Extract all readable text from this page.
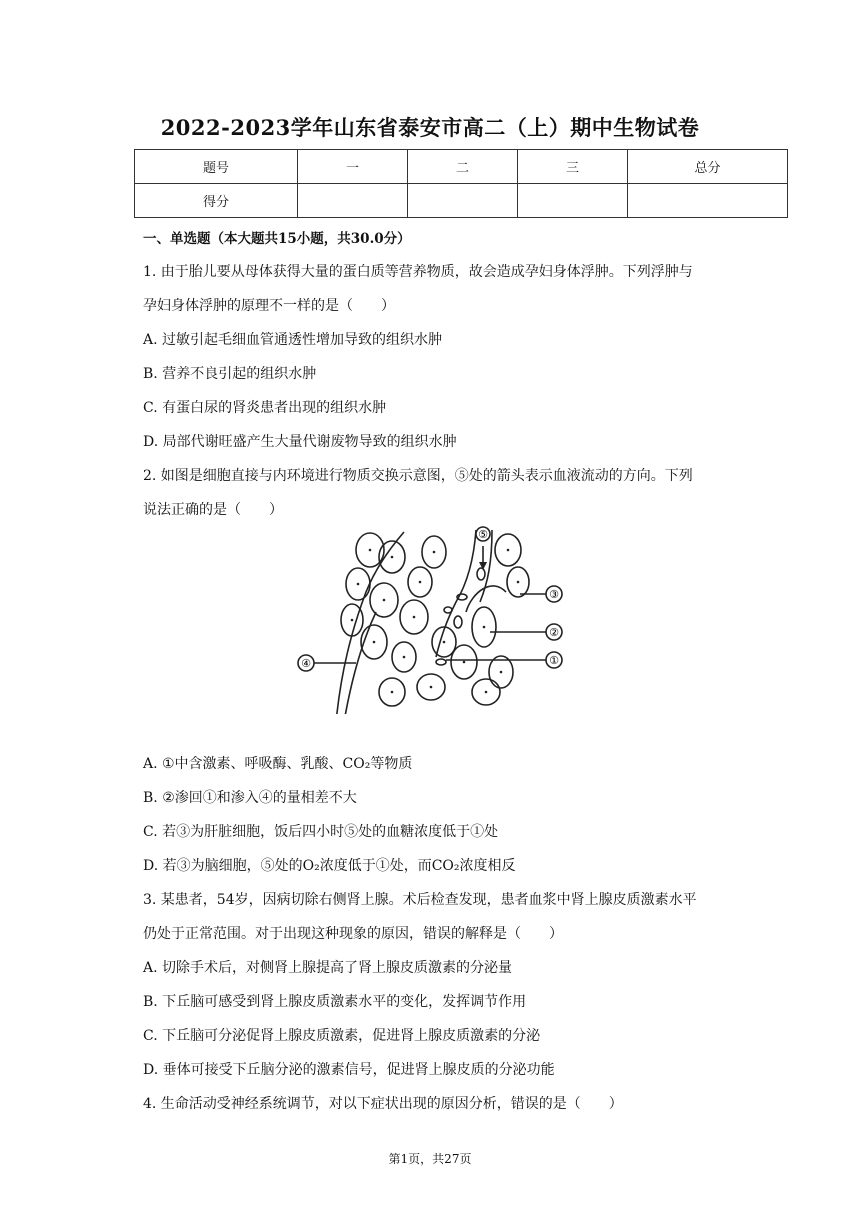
2022-2023学年山东省泰安市高二（上）期中生物试卷
题号	一	二	三	总分
得分				
一、单选题（本大题共15小题，共30.0分）
1. 由于胎儿要从母体获得大量的蛋白质等营养物质，故会造成孕妇身体浮肿。下列浮肿与
孕妇身体浮肿的原理不一样的是（　　）
A. 过敏引起毛细血管通透性增加导致的组织水肿
B. 营养不良引起的组织水肿
C. 有蛋白尿的肾炎患者出现的组织水肿
D. 局部代谢旺盛产生大量代谢废物导致的组织水肿
2. 如图是细胞直接与内环境进行物质交换示意图，⑤处的箭头表示血液流动的方向。下列
说法正确的是（　　）
⑤
③
②
①
④
A. ①中含激素、呼吸酶、乳酸、CO₂等物质
B. ②渗回①和渗入④的量相差不大
C. 若③为肝脏细胞，饭后四小时⑤处的血糖浓度低于①处
D. 若③为脑细胞，⑤处的O₂浓度低于①处，而CO₂浓度相反
3. 某患者，54岁，因病切除右侧肾上腺。术后检查发现，患者血浆中肾上腺皮质激素水平
仍处于正常范围。对于出现这种现象的原因，错误的解释是（　　）
A. 切除手术后，对侧肾上腺提高了肾上腺皮质激素的分泌量
B. 下丘脑可感受到肾上腺皮质激素水平的变化，发挥调节作用
C. 下丘脑可分泌促肾上腺皮质激素，促进肾上腺皮质激素的分泌
D. 垂体可接受下丘脑分泌的激素信号，促进肾上腺皮质的分泌功能
4. 生命活动受神经系统调节，对以下症状出现的原因分析，错误的是（　　）
第1页，共27页
